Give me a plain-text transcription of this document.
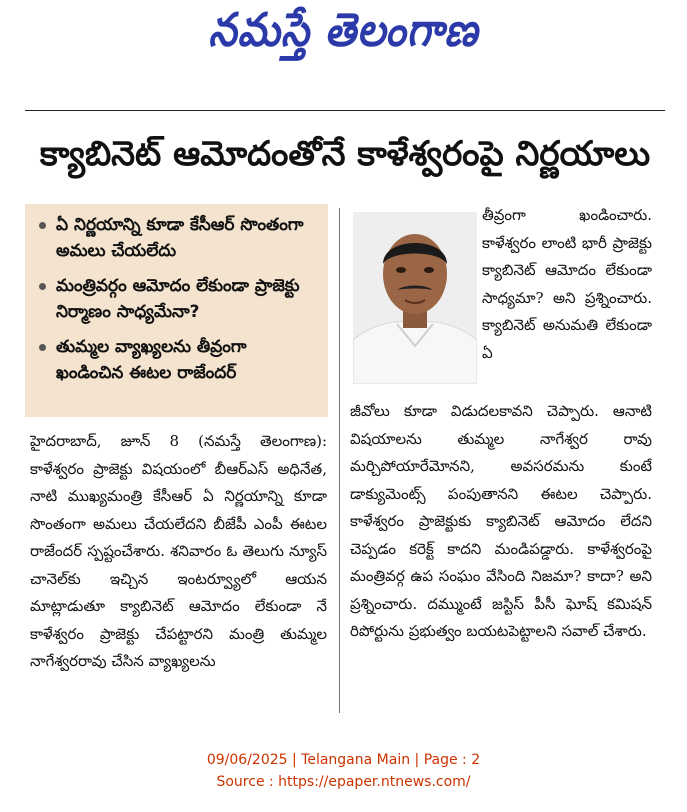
నమస్తే తెలంగాణ
క్యాబినెట్ ఆమోదంతోనే కాళేశ్వరంపై నిర్ణయాలు
ఏ నిర్ణయాన్ని కూడా కేసీఆర్ సొంతంగా అమలు చేయలేదు
మంత్రివర్గం ఆమోదం లేకుండా ప్రాజెక్టు నిర్మాణం సాధ్యమేనా?
తుమ్మల వ్యాఖ్యలను తీవ్రంగా ఖండించిన ఈటల రాజేందర్
హైదరాబాద్, జూన్ 8 (నమస్తే తెలంగాణ): కాళేశ్వరం ప్రాజెక్టు విషయంలో బీఆర్ఎస్ అధినేత, నాటి ముఖ్యమంత్రి కేసీఆర్ ఏ నిర్ణయాన్ని కూడా సొంతంగా అమలు చేయలేదని బీజేపీ ఎంపీ ఈటల రాజేందర్ స్పష్టంచేశారు. శనివారం ఓ తెలుగు న్యూస్ చానెల్‌కు ఇచ్చిన ఇంటర్వ్యూలో ఆయన మాట్లాడుతూ క్యాబినెట్ ఆమోదం లేకుండా నే కాళేశ్వరం ప్రాజెక్టు చేపట్టారని మంత్రి తుమ్మల నాగేశ్వరరావు చేసిన వ్యాఖ్యలను
తీవ్రంగా ఖండించారు. కాళేశ్వరం లాంటి భారీ ప్రాజెక్టు క్యాబినెట్ ఆమోదం లేకుండా సాధ్యమా? అని ప్రశ్నించారు. క్యాబినెట్ అనుమతి లేకుండా ఏ
జీవోలు కూడా విడుదలకావని చెప్పారు. ఆనాటి విషయాలను తుమ్మల నాగేశ్వర రావు మర్చిపోయారేమోనని, అవసరమను కుంటే డాక్యుమెంట్స్ పంపుతానని ఈటల చెప్పారు. కాళేశ్వరం ప్రాజెక్టుకు క్యాబినెట్ ఆమోదం లేదని చెప్పడం కరెక్ట్ కాదని మండిపడ్డారు. కాళేశ్వరంపై మంత్రివర్గ ఉప సంఘం వేసింది నిజమా? కాదా? అని ప్రశ్నించారు. దమ్ముంటే జస్టిస్ పీసీ ఘోష్ కమిషన్ రిపోర్టును ప్రభుత్వం బయటపెట్టాలని సవాల్ చేశారు.
09/06/2025 | Telangana Main | Page : 2
Source : https://epaper.ntnews.com/
